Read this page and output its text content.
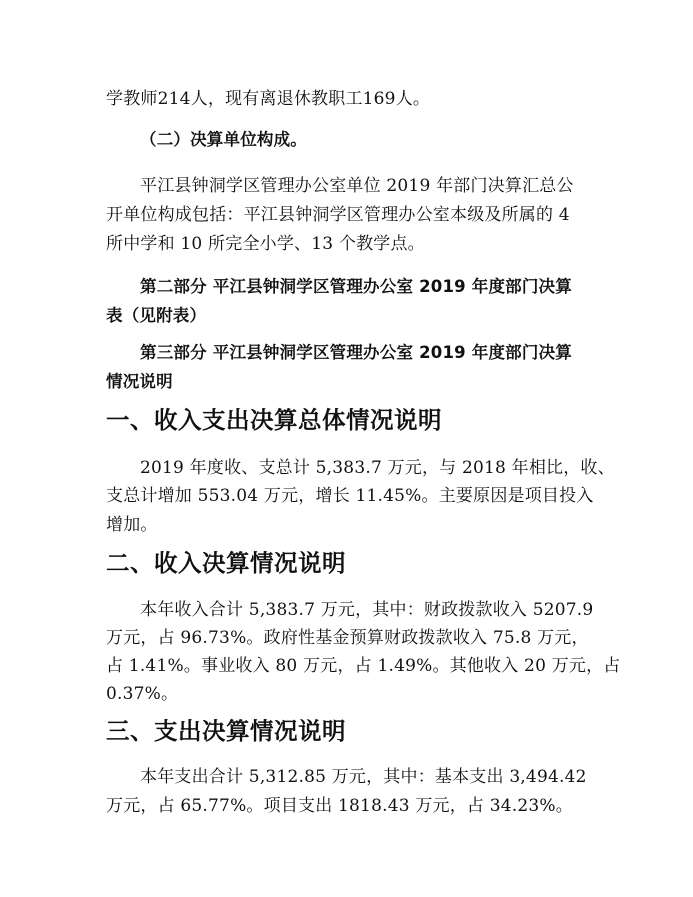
学教师214人，现有离退休教职工169人。
（二）决算单位构成。
平江县钟洞学区管理办公室单位 2019 年部门决算汇总公
开单位构成包括：平江县钟洞学区管理办公室本级及所属的 4
所中学和 10 所完全小学、13 个教学点。
第二部分 平江县钟洞学区管理办公室 2019 年度部门决算
表（见附表）
第三部分 平江县钟洞学区管理办公室 2019 年度部门决算
情况说明
一、收入支出决算总体情况说明
2019 年度收、支总计 5,383.7 万元，与 2018 年相比，收、
支总计增加 553.04 万元，增长 11.45%。主要原因是项目投入
增加。
二、收入决算情况说明
本年收入合计 5,383.7 万元，其中：财政拨款收入 5207.9
万元，占 96.73%。政府性基金预算财政拨款收入 75.8 万元，
占 1.41%。事业收入 80 万元，占 1.49%。其他收入 20 万元，占
0.37%。
三、支出决算情况说明
本年支出合计 5,312.85 万元，其中：基本支出 3,494.42
万元，占 65.77%。项目支出 1818.43 万元，占 34.23%。
